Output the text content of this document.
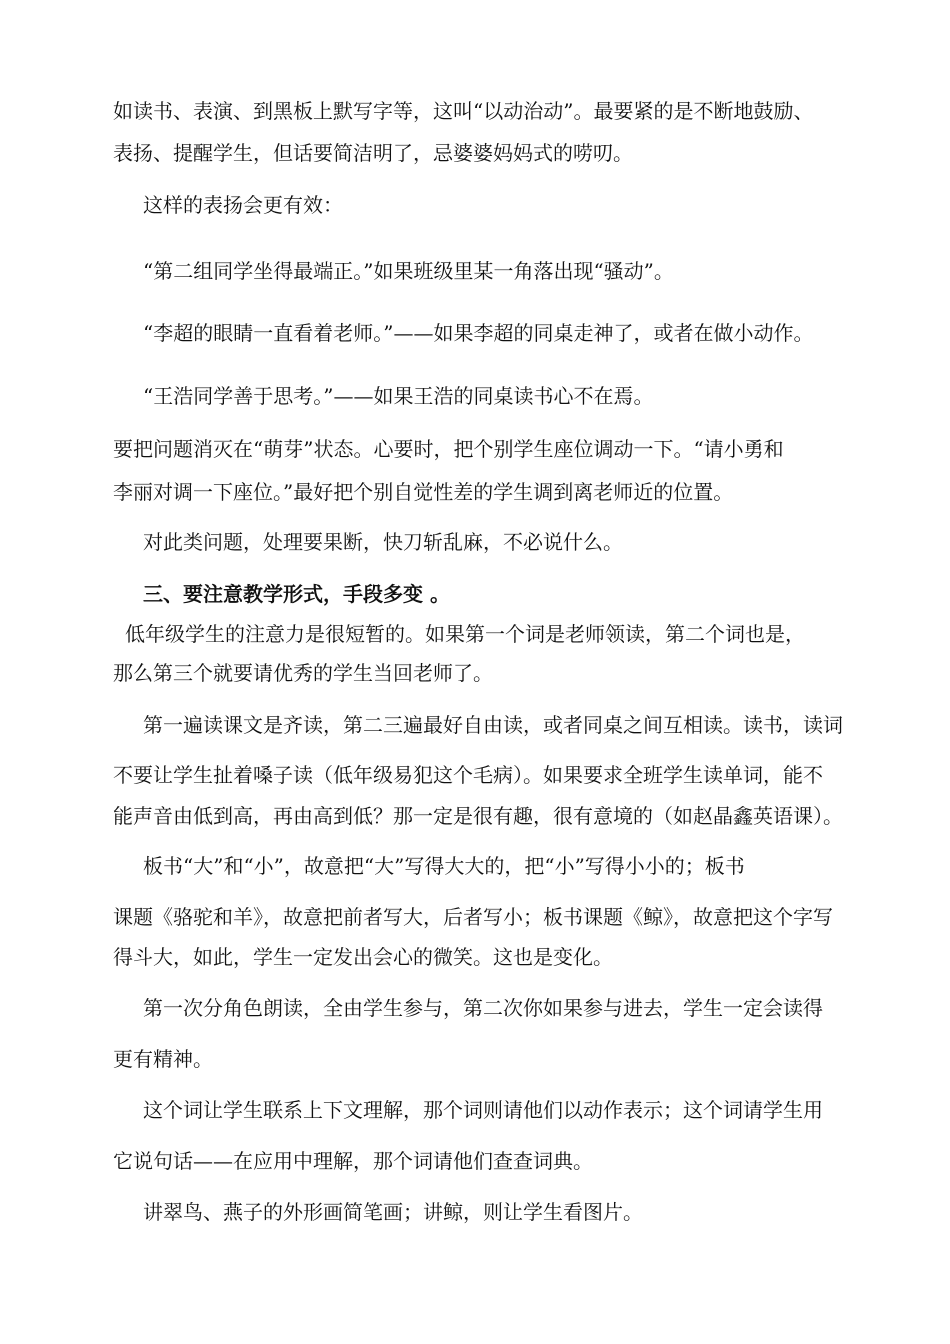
如读书、表演、到黑板上默写字等，这叫“以动治动”。最要紧的是不断地鼓励、

表扬、提醒学生，但话要简洁明了，忌婆婆妈妈式的唠叨。

这样的表扬会更有效：

“第二组同学坐得最端正。”如果班级里某一角落出现“骚动”。

“李超的眼睛一直看着老师。”——如果李超的同桌走神了，或者在做小动作。

“王浩同学善于思考。”——如果王浩的同桌读书心不在焉。

要把问题消灭在“萌芽”状态。心要时，把个别学生座位调动一下。“请小勇和

李丽对调一下座位。”最好把个别自觉性差的学生调到离老师近的位置。

对此类问题，处理要果断，快刀斩乱麻，不必说什么。

三、要注意教学形式，手段多变 。

低年级学生的注意力是很短暂的。如果第一个词是老师领读，第二个词也是，

那么第三个就要请优秀的学生当回老师了。

第一遍读课文是齐读，第二三遍最好自由读，或者同桌之间互相读。读书，读词

不要让学生扯着嗓子读（低年级易犯这个毛病）。如果要求全班学生读单词，能不

能声音由低到高，再由高到低？那一定是很有趣，很有意境的（如赵晶鑫英语课）。

板书“大”和“小”，故意把“大”写得大大的，把“小”写得小小的；板书

课题《骆驼和羊》，故意把前者写大，后者写小；板书课题《鲸》，故意把这个字写

得斗大，如此，学生一定发出会心的微笑。这也是变化。

第一次分角色朗读，全由学生参与，第二次你如果参与进去，学生一定会读得

更有精神。

这个词让学生联系上下文理解，那个词则请他们以动作表示；这个词请学生用

它说句话——在应用中理解，那个词请他们查查词典。

讲翠鸟、燕子的外形画简笔画；讲鲸，则让学生看图片。
